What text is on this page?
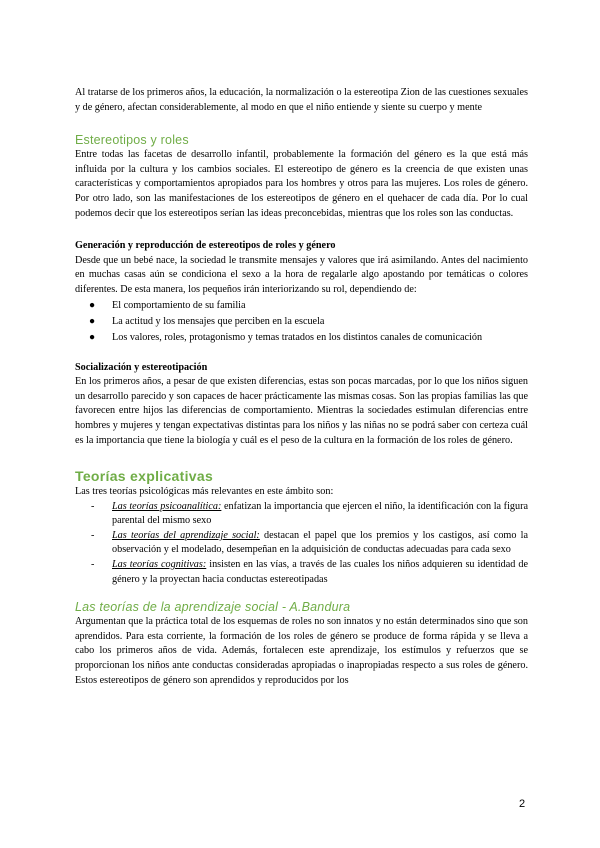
Al tratarse de los primeros años, la educación, la normalización o la estereotipa Zion de las cuestiones sexuales y de género, afectan considerablemente, al modo en que el niño entiende y siente su cuerpo y mente

Estereotipos y roles

Entre todas las facetas de desarrollo infantil, probablemente la formación del género es la que está más influida por la cultura y los cambios sociales. El estereotipo de género es la creencia de que existen unas características y comportamientos apropiados para los hombres y otros para las mujeres. Los roles de género. Por otro lado, son las manifestaciones de los estereotipos de género en el quehacer de cada día. Por lo cual podemos decir que los estereotipos serían las ideas preconcebidas, mientras que los roles son las conductas.

Generación y reproducción de estereotipos de roles y género

Desde que un bebé nace, la sociedad le transmite mensajes y valores que irá asimilando. Antes del nacimiento en muchas casas aún se condiciona el sexo a la hora de regalarle algo apostando por temáticas o colores diferentes. De esta manera, los pequeños irán interiorizando su rol, dependiendo de:

● El comportamiento de su familia
● La actitud y los mensajes que perciben en la escuela
● Los valores, roles, protagonismo y temas tratados en los distintos canales de comunicación
Socialización y estereotipación

En los primeros años, a pesar de que existen diferencias, estas son pocas marcadas, por lo que los niños siguen un desarrollo parecido y son capaces de hacer prácticamente las mismas cosas. Son las propias familias las que favorecen entre hijos las diferencias de comportamiento. Mientras la sociedades estimulan diferencias entre hombres y mujeres y tengan expectativas distintas para los niños y las niñas no se podrá saber con certeza cuál es la importancia que tiene la biología y cuál es el peso de la cultura en la formación de los roles de género.

Teorías explicativas

Las tres teorías psicológicas más relevantes en este ámbito son:

- Las teorías psicoanalítica: enfatizan la importancia que ejercen el niño, la identificación con la figura parental del mismo sexo
- Las teorías del aprendizaje social: destacan el papel que los premios y los castigos, así como la observación y el modelado, desempeñan en la adquisición de conductas adecuadas para cada sexo
- Las teorías cognitivas: insisten en las vías, a través de las cuales los niños adquieren su identidad de género y la proyectan hacia conductas estereotipadas
Las teorías de la aprendizaje social - A.Bandura

Argumentan que la práctica total de los esquemas de roles no son innatos y no están determinados sino que son aprendidos. Para esta corriente, la formación de los roles de género se produce de forma rápida y se lleva a cabo los primeros años de vida. Además, fortalecen este aprendizaje, los estímulos y refuerzos que se proporcionan los niños ante conductas consideradas apropiadas o inapropiadas respecto a sus roles de género. Estos estereotipos de género son aprendidos y reproducidos por los

2
